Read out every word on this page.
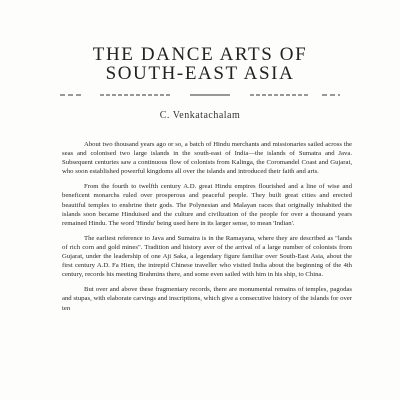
THE DANCE ARTS OF
SOUTH-EAST ASIA
C. Venkatachalam

About two thousand years ago or so, a batch of Hindu merchants and missionaries sailed across the seas and colonised two large islands in the south-east of India—the islands of Sumatra and Java. Subsequent centuries saw a continuous flow of colonists from Kalinga, the Coromandel Coast and Gujarat, who soon established powerful kingdoms all over the islands and introduced their faith and arts.

From the fourth to twelfth century A.D. great Hindu empires flourished and a line of wise and beneficent monarchs ruled over prosperous and peaceful people. They built great cities and erected beautiful temples to enshrine their gods. The Polynesian and Malayan races that originally inhabited the islands soon became Hinduised and the culture and civilization of the people for over a thousand years remained Hindu. The word 'Hindu' being used here in its larger sense, to mean 'Indian'.

The earliest reference to Java and Sumatra is in the Ramayana, where they are described as "lands of rich corn and gold mines". Tradition and history aver of the arrival of a large number of colonists from Gujarat, under the leadership of one Aji Saka, a legendary figure familiar over South-East Asia, about the first century A.D. Fa Hien, the intrepid Chinese traveller who visited India about the beginning of the 4th century, records his meeting Brahmins there, and some even sailed with him in his ship, to China.

But over and above these fragmentary records, there are monumental remains of temples, pagodas and stupas, with elaborate carvings and inscriptions, which give a consecutive history of the islands for over ten
